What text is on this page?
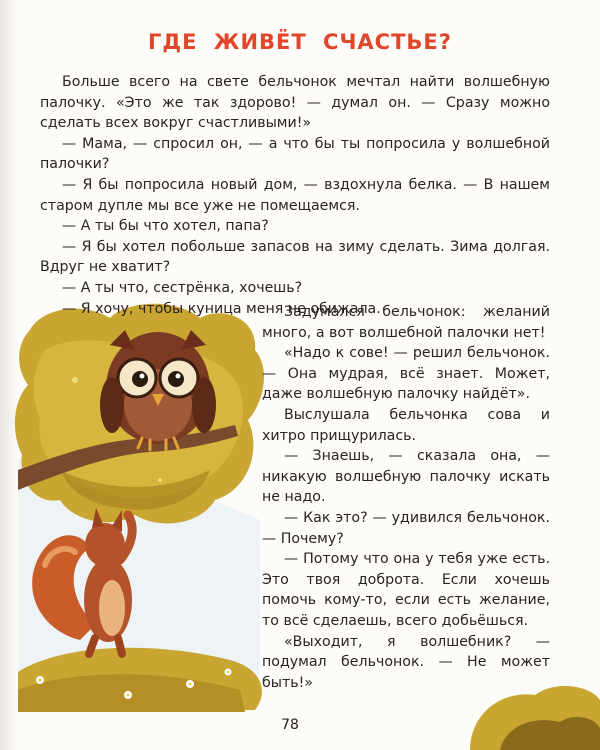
ГДЕ ЖИВЁТ СЧАСТЬЕ?

Больше всего на свете бельчонок мечтал найти волшебную палочку. «Это же так здорово! — думал он. — Сразу можно сделать всех вокруг счастливыми!»

— Мама, — спросил он, — а что бы ты попросила у волшебной палочки?

— Я бы попросила новый дом, — вздохнула белка. — В нашем старом дупле мы все уже не помещаемся.

— А ты бы что хотел, папа?

— Я бы хотел побольше запасов на зиму сделать. Зима долгая. Вдруг не хватит?

— А ты что, сестрёнка, хочешь?

— Я хочу, чтобы куница меня не обижала.

Задумался бельчонок: желаний много, а вот волшебной палочки нет!

«Надо к сове! — решил бельчонок. — Она мудрая, всё знает. Может, даже волшебную палочку найдёт».

Выслушала бельчонка сова и хитро прищурилась.

— Знаешь, — сказала она, — никакую волшебную палочку искать не надо.

— Как это? — удивился бельчонок. — Почему?

— Потому что она у тебя уже есть. Это твоя доброта. Если хочешь помочь кому-то, если есть желание, то всё сделаешь, всего добьёшься.

«Выходит, я волшебник? — подумал бельчонок. — Не может быть!»

78
